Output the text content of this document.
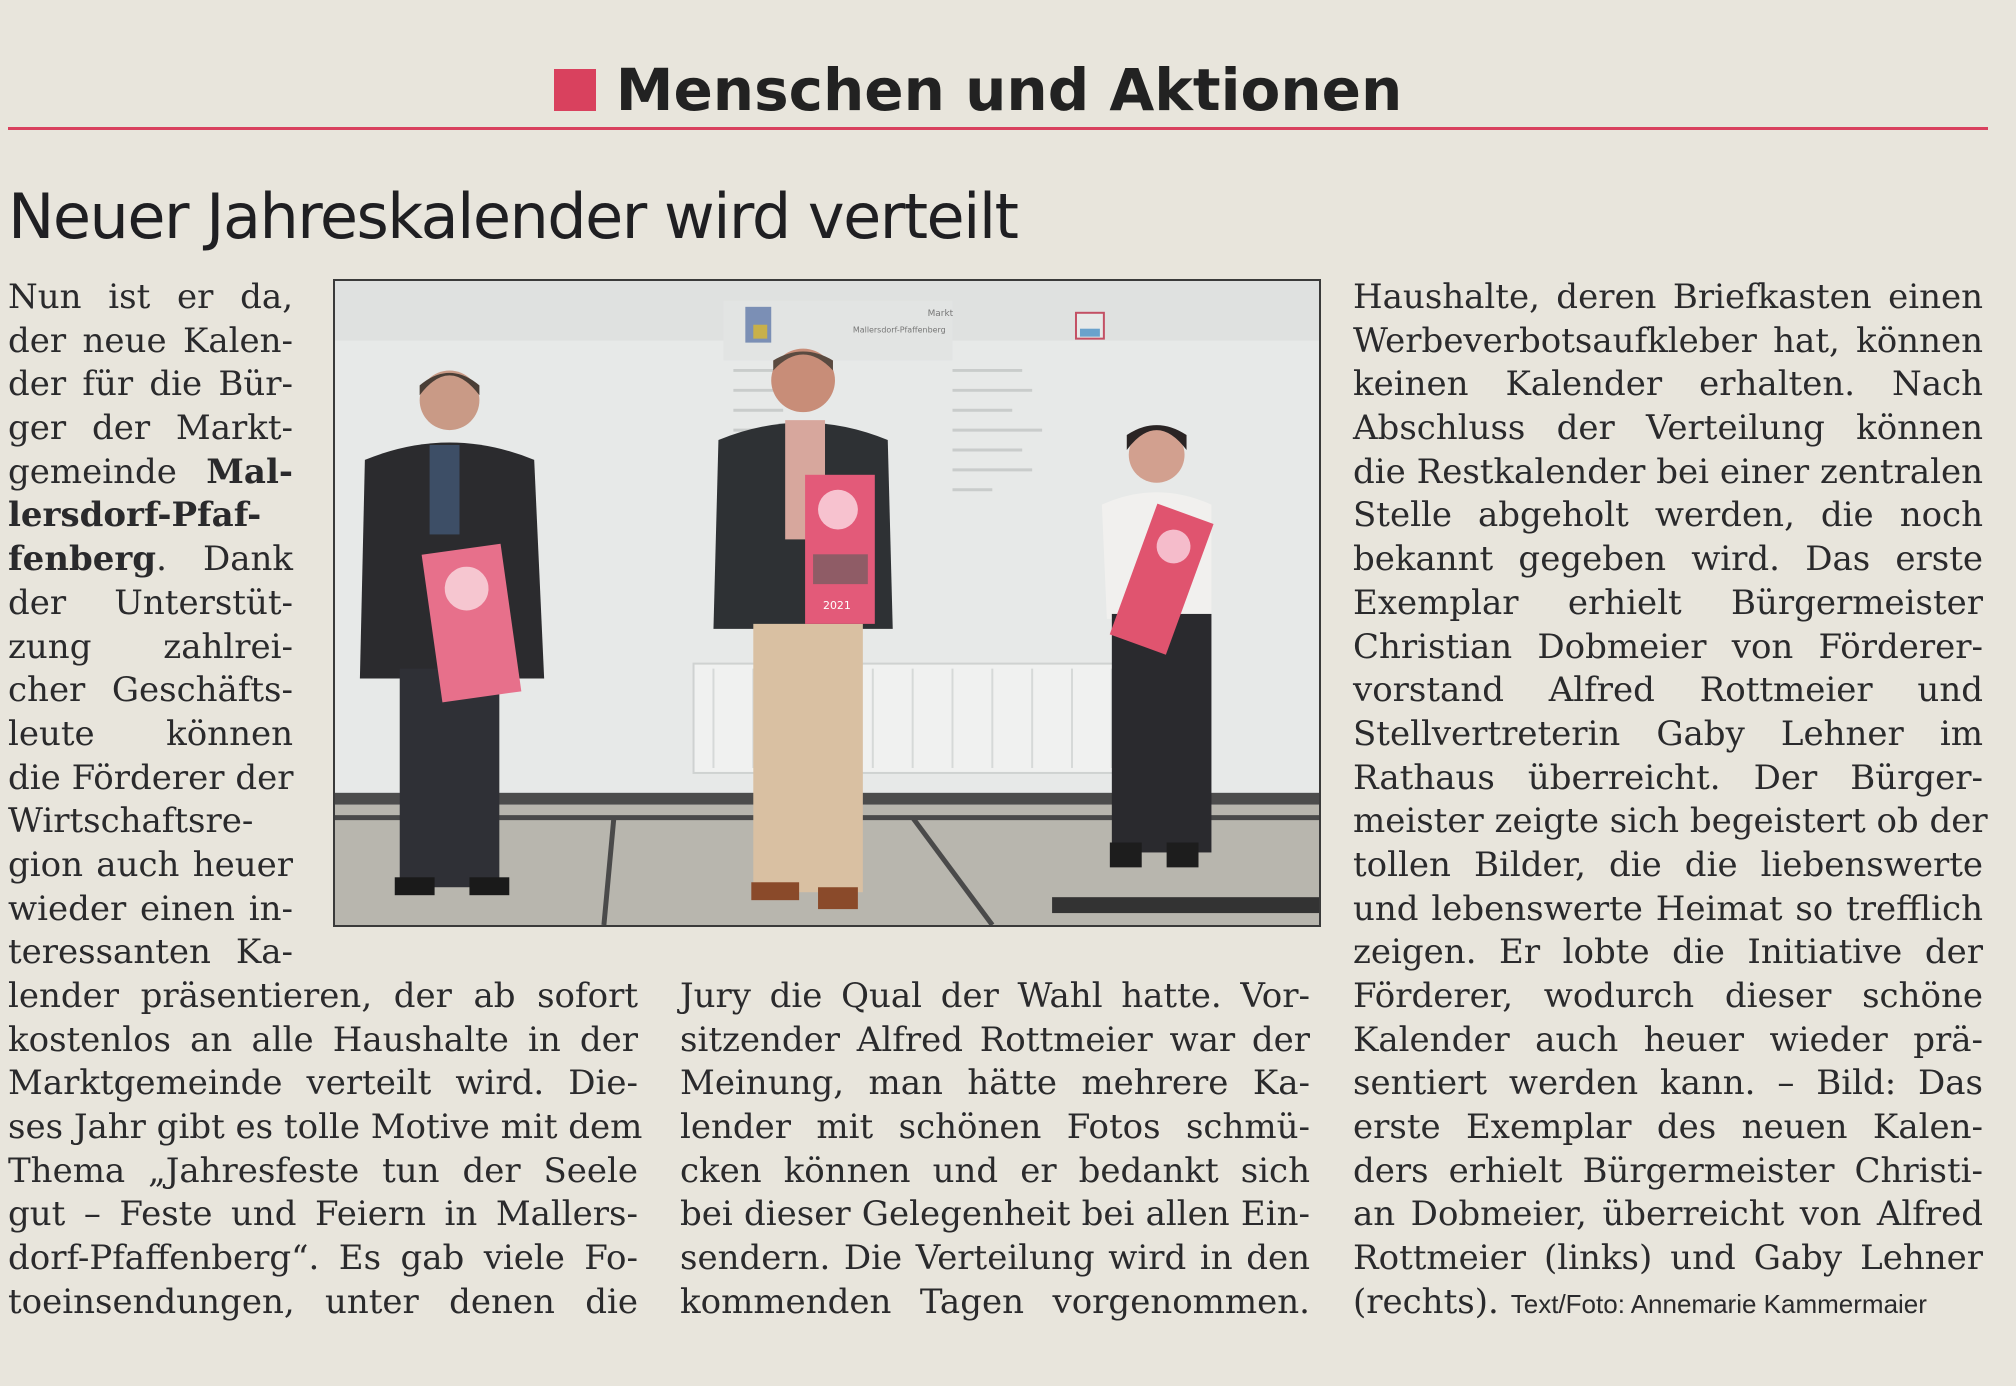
Menschen und Aktionen
Neuer Jahreskalender wird verteilt
Nun ist er da,
der neue Kalen-
der für die Bür-
ger der Markt-
gemeinde Mal-
lersdorf-Pfaf-
fenberg. Dank
der Unterstüt-
zung zahlrei-
cher Geschäfts-
leute können
die Förderer der
Wirtschaftsre-
gion auch heuer
wieder einen in-
teressanten Ka-
Markt
Mallersdorf-Pfaffenberg
2021
lender präsentieren, der ab sofort
kostenlos an alle Haushalte in der
Marktgemeinde verteilt wird. Die-
ses Jahr gibt es tolle Motive mit dem
Thema „Jahresfeste tun der Seele
gut – Feste und Feiern in Mallers-
dorf-Pfaffenberg“. Es gab viele Fo-
toeinsendungen, unter denen die
Jury die Qual der Wahl hatte. Vor-
sitzender Alfred Rottmeier war der
Meinung, man hätte mehrere Ka-
lender mit schönen Fotos schmü-
cken können und er bedankt sich
bei dieser Gelegenheit bei allen Ein-
sendern. Die Verteilung wird in den
kommenden Tagen vorgenommen.
Haushalte, deren Briefkasten einen
Werbeverbotsaufkleber hat, können
keinen Kalender erhalten. Nach
Abschluss der Verteilung können
die Restkalender bei einer zentralen
Stelle abgeholt werden, die noch
bekannt gegeben wird. Das erste
Exemplar erhielt Bürgermeister
Christian Dobmeier von Förderer-
vorstand Alfred Rottmeier und
Stellvertreterin Gaby Lehner im
Rathaus überreicht. Der Bürger-
meister zeigte sich begeistert ob der
tollen Bilder, die die liebenswerte
und lebenswerte Heimat so trefflich
zeigen. Er lobte die Initiative der
Förderer, wodurch dieser schöne
Kalender auch heuer wieder prä-
sentiert werden kann. – Bild: Das
erste Exemplar des neuen Kalen-
ders erhielt Bürgermeister Christi-
an Dobmeier, überreicht von Alfred
Rottmeier (links) und Gaby Lehner
(rechts). Text/Foto: Annemarie Kammermaier
